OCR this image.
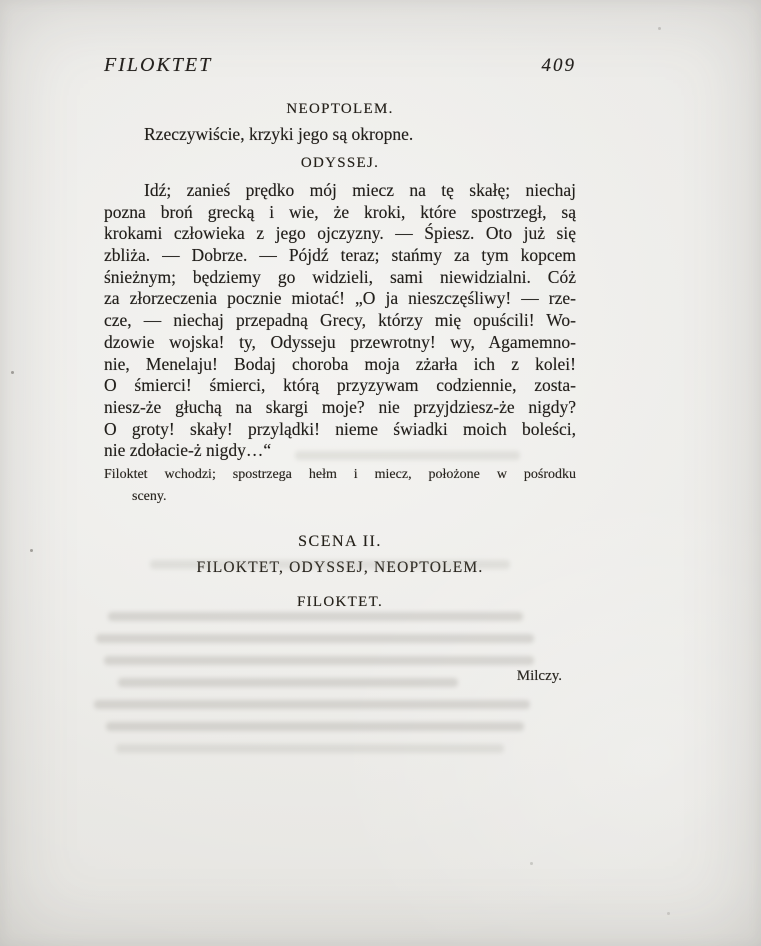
FILOKTET	409
NEOPTOLEM.
Rzeczywiście, krzyki jego są okropne.
ODYSSEJ.
Idź; zanieś prędko mój miecz na tę skałę; niechaj
pozna broń grecką i wie, że kroki, które spostrzegł, są
krokami człowieka z jego ojczyzny. — Śpiesz. Oto już się
zbliża. — Dobrze. — Pójdź teraz; stańmy za tym kopcem
śnieżnym; będziemy go widzieli, sami niewidzialni. Cóż
za złorzeczenia pocznie miotać! „O ja nieszczęśliwy! — rze-
cze, — niechaj przepadną Grecy, którzy mię opuścili! Wo-
dzowie wojska! ty, Odysseju przewrotny! wy, Agamemno-
nie, Menelaju! Bodaj choroba moja zżarła ich z kolei!
O śmierci! śmierci, którą przyzywam codziennie, zosta-
niesz-że głuchą na skargi moje? nie przyjdziesz-że nigdy?
O groty! skały! przylądki! nieme świadki moich boleści,
nie zdołacie-ż nigdy…“
Filoktet wchodzi; spostrzega hełm i miecz, położone w pośrodku
sceny.
SCENA II.
FILOKTET, ODYSSEJ, NEOPTOLEM.
FILOKTET.
Milczy.
